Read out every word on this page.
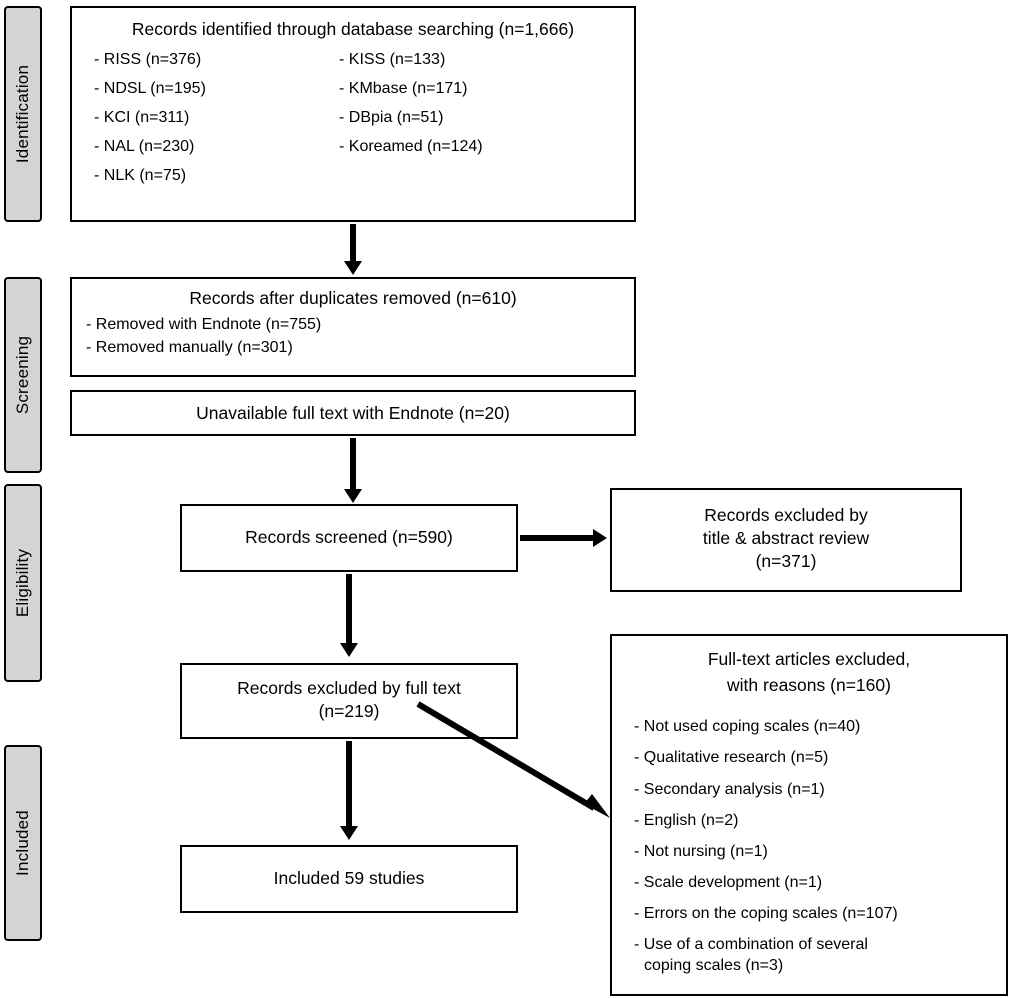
Identification
Screening
Eligibility
Included
Records identified through database searching (n=1,666)
- RISS (n=376)	- KISS (n=133)
- NDSL (n=195)	- KMbase (n=171)
- KCI (n=311)	- DBpia (n=51)
- NAL (n=230)	- Koreamed (n=124)
- NLK (n=75)
Records after duplicates removed (n=610)
- Removed with Endnote (n=755)
- Removed manually (n=301)
Unavailable full text with Endnote (n=20)
Records screened (n=590)
Records excluded by
title & abstract review
(n=371)
Records excluded by full text
(n=219)
Full-text articles excluded,
with reasons (n=160)
- Not used coping scales (n=40)
- Qualitative research (n=5)
- Secondary analysis (n=1)
- English (n=2)
- Not nursing (n=1)
- Scale development (n=1)
- Errors on the coping scales (n=107)
- Use of a combination of several
coping scales (n=3)
Included 59 studies
